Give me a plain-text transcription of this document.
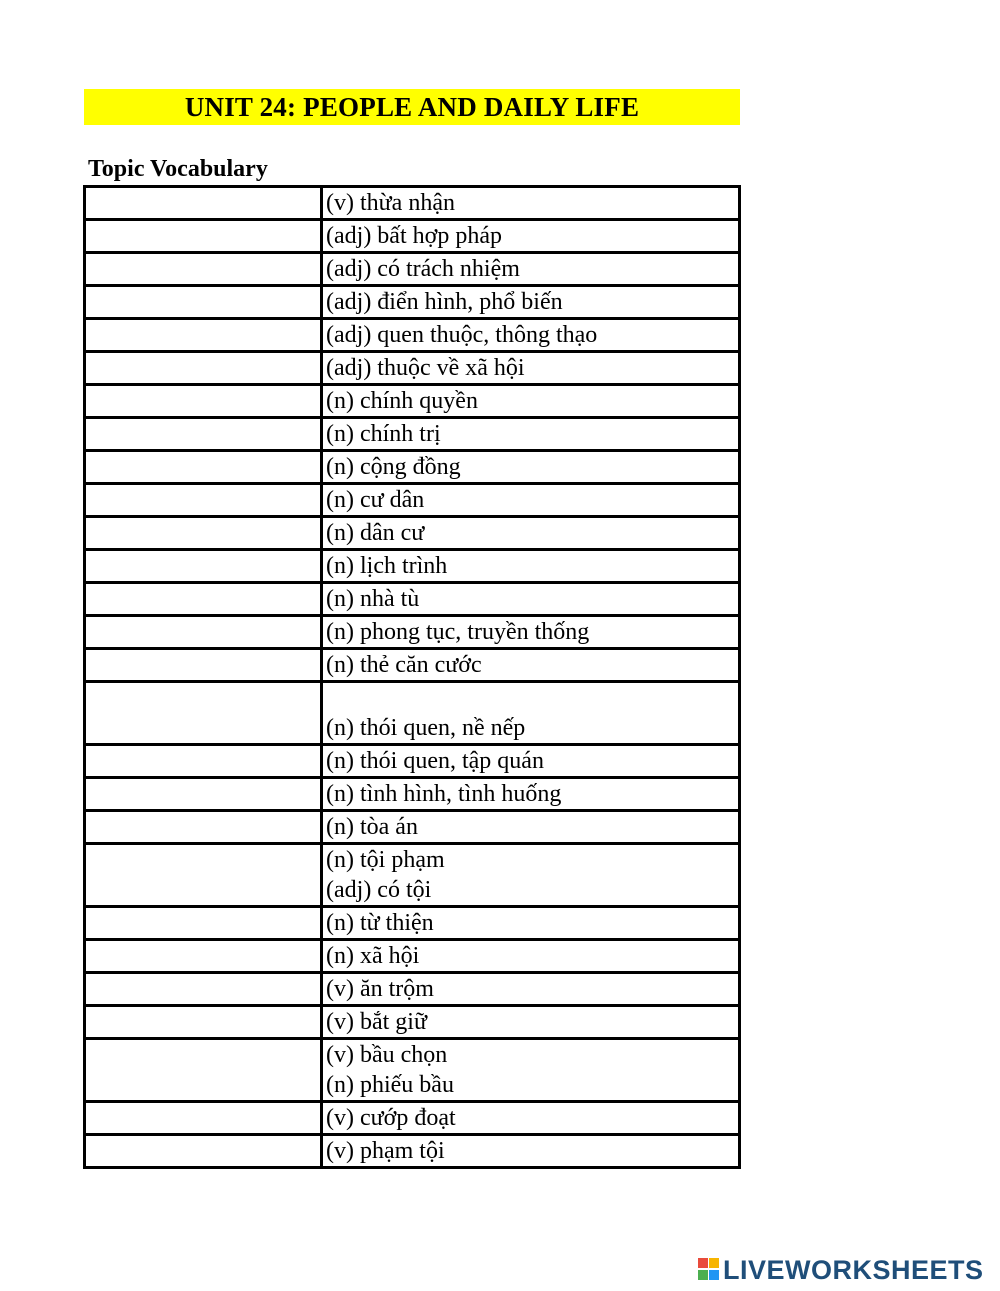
UNIT 24: PEOPLE AND DAILY LIFE
Topic Vocabulary

(v) thừa nhận

(adj) bất hợp pháp

(adj) có trách nhiệm

(adj) điển hình, phổ biến

(adj) quen thuộc, thông thạo

(adj) thuộc về xã hội

(n) chính quyền

(n) chính trị

(n) cộng đồng

(n) cư dân

(n) dân cư

(n) lịch trình

(n) nhà tù

(n) phong tục, truyền thống

(n) thẻ căn cước

(n) thói quen, nề nếp

(n) thói quen, tập quán

(n) tình hình, tình huống

(n) tòa án

(n) tội phạm
(adj) có tội

(n) từ thiện

(n) xã hội

(v) ăn trộm

(v) bắt giữ

(v) bầu chọn
(n) phiếu bầu

(v) cướp đoạt

(v) phạm tội
LIVEWORKSHEETS
